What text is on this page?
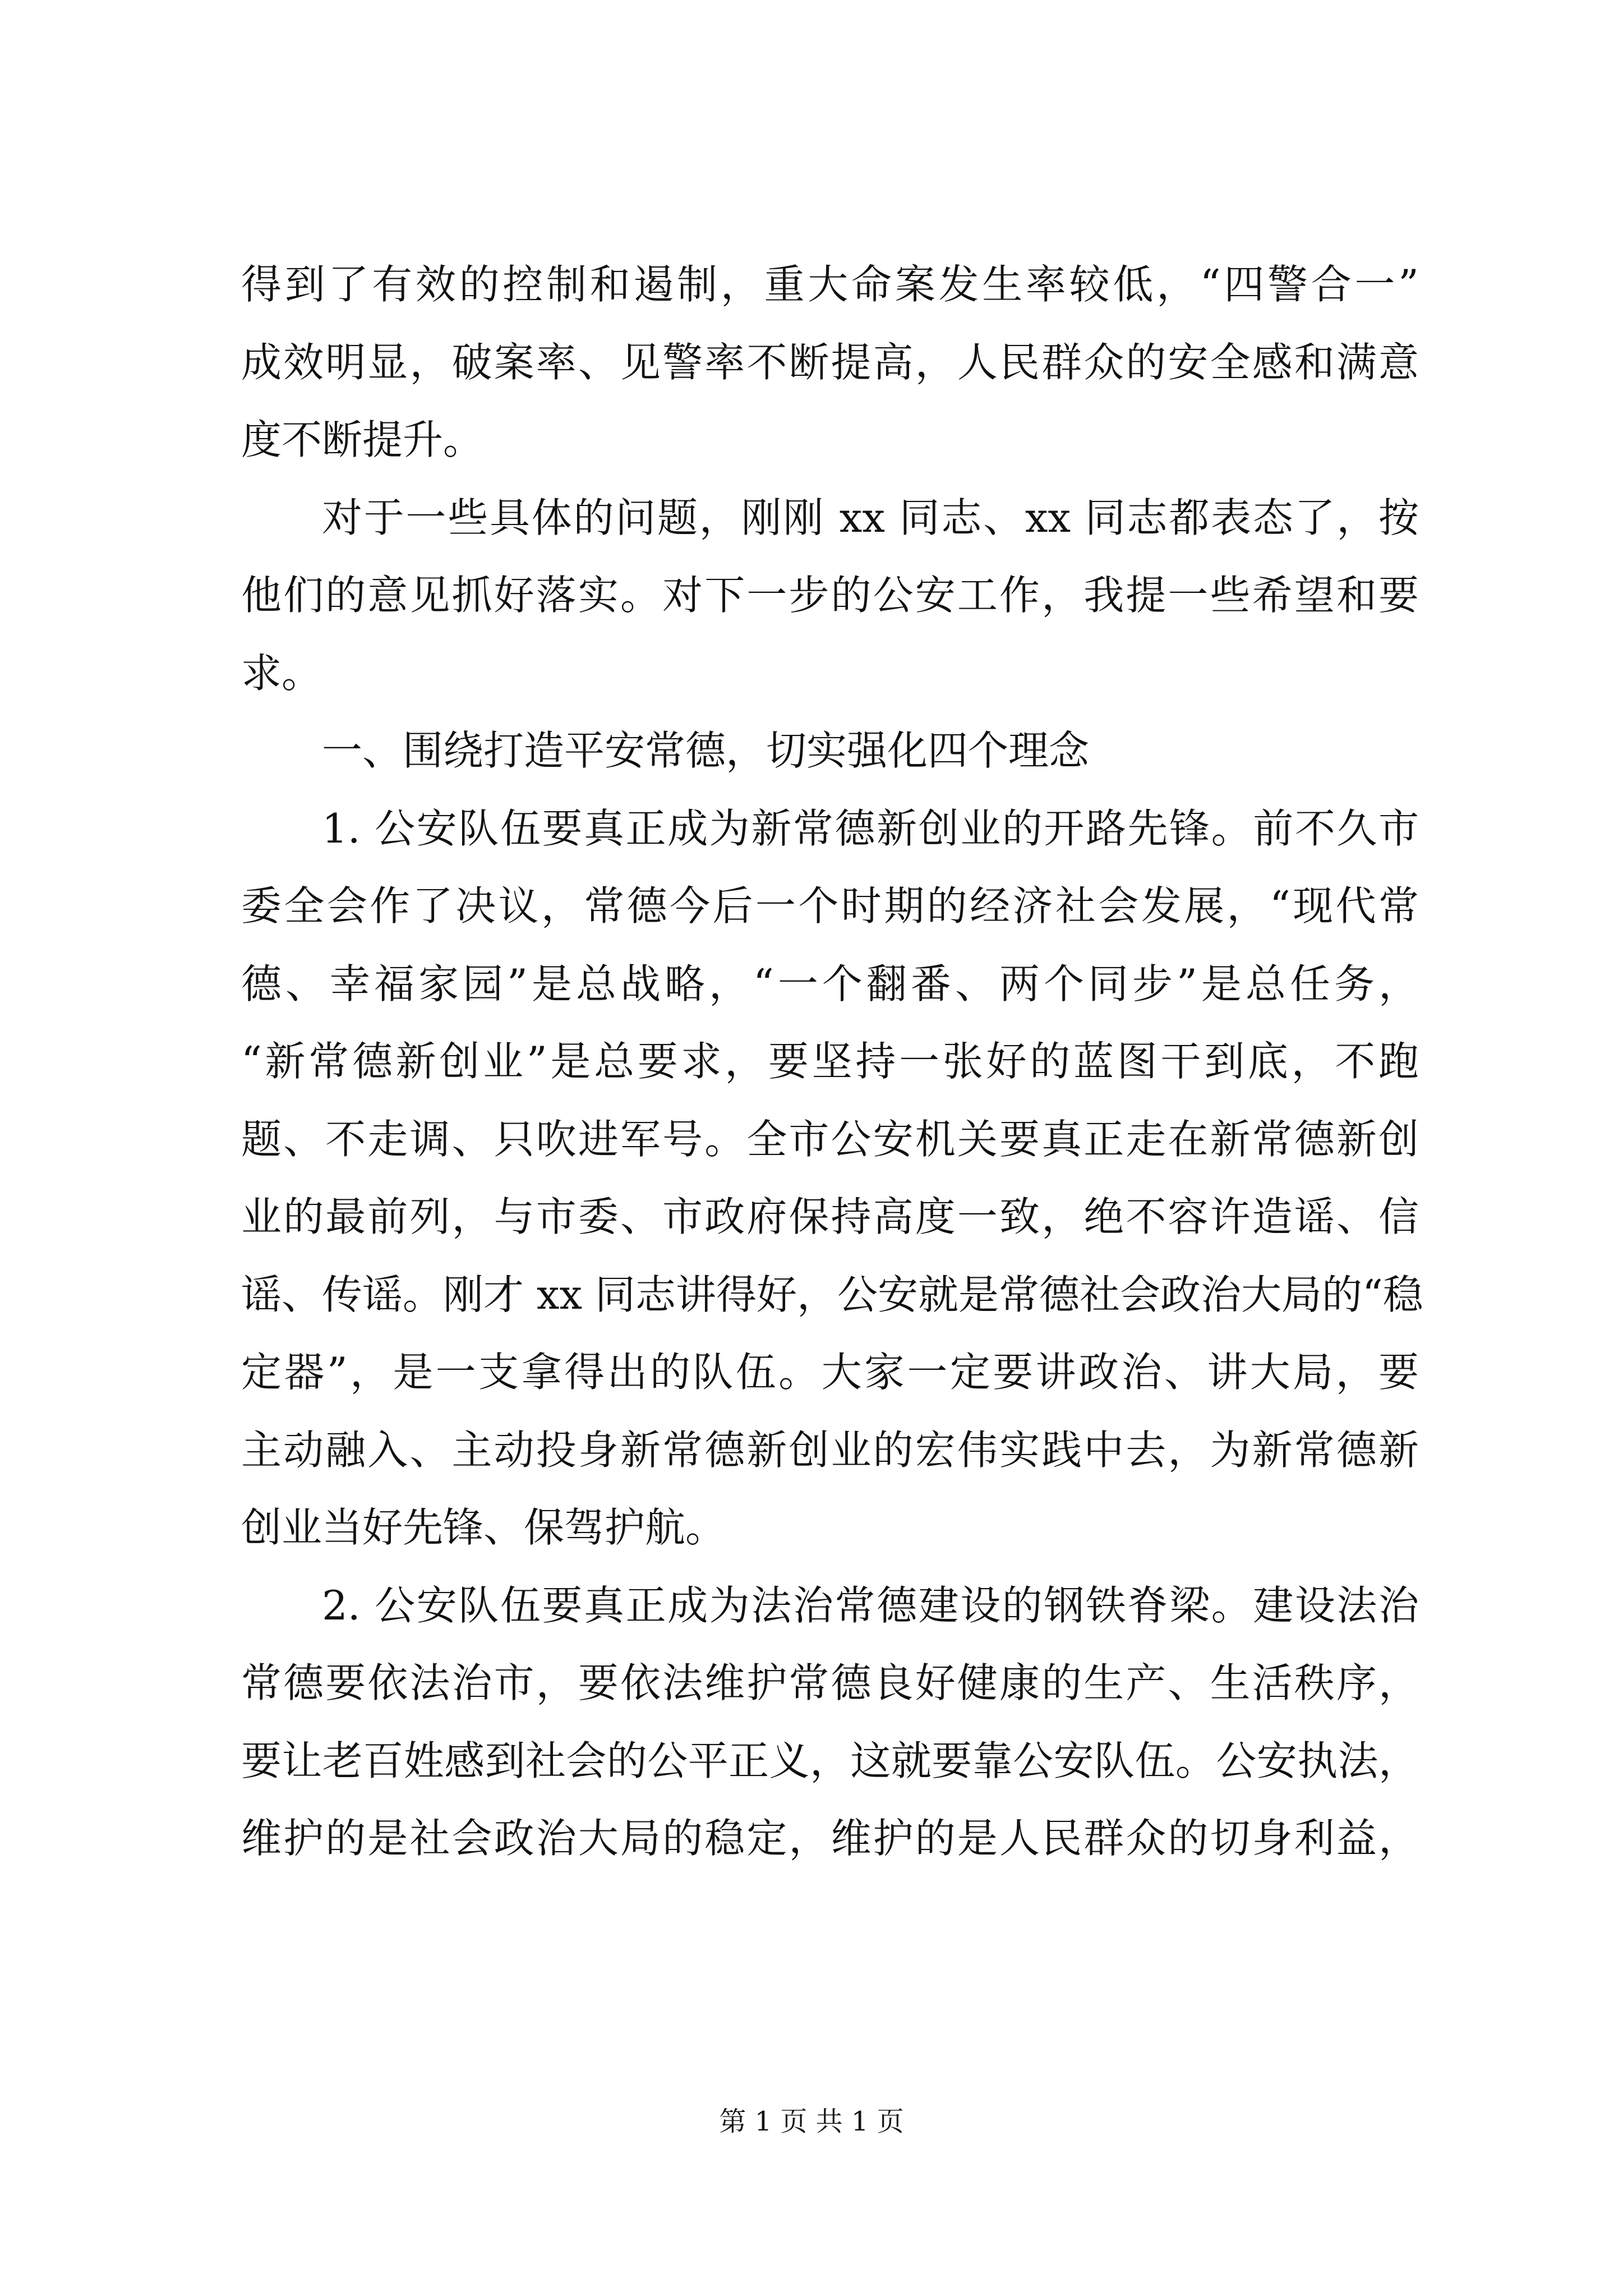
得到了有效的控制和遏制，重大命案发生率较低，“四警合一”
成效明显，破案率、见警率不断提高，人民群众的安全感和满意
度不断提升。
对于一些具体的问题，刚刚 xx 同志、xx 同志都表态了，按
他们的意见抓好落实。对下一步的公安工作，我提一些希望和要
求。
一、围绕打造平安常德，切实强化四个理念
1. 公安队伍要真正成为新常德新创业的开路先锋。前不久市
委全会作了决议，常德今后一个时期的经济社会发展，“现代常
德、幸福家园”是总战略，“一个翻番、两个同步”是总任务，
“新常德新创业”是总要求，要坚持一张好的蓝图干到底，不跑
题、不走调、只吹进军号。全市公安机关要真正走在新常德新创
业的最前列，与市委、市政府保持高度一致，绝不容许造谣、信
谣、传谣。刚才 xx 同志讲得好，公安就是常德社会政治大局的“稳
定器”，是一支拿得出的队伍。大家一定要讲政治、讲大局，要
主动融入、主动投身新常德新创业的宏伟实践中去，为新常德新
创业当好先锋、保驾护航。
2. 公安队伍要真正成为法治常德建设的钢铁脊梁。建设法治
常德要依法治市，要依法维护常德良好健康的生产、生活秩序，
要让老百姓感到社会的公平正义，这就要靠公安队伍。公安执法，
维护的是社会政治大局的稳定，维护的是人民群众的切身利益，
第 1 页 共 1 页
